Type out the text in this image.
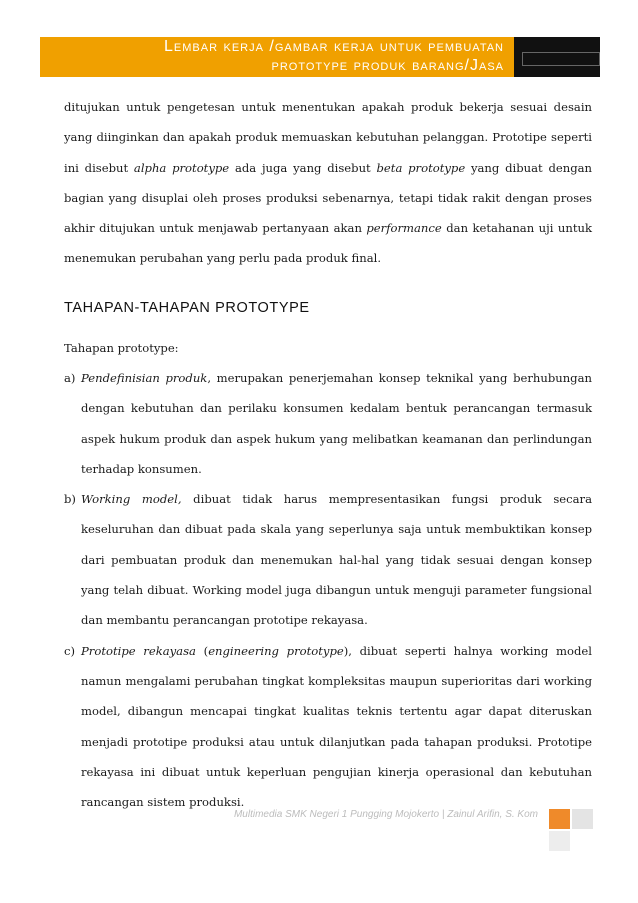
Lembar kerja /gambar kerja untuk pembuatan
prototype produk barang/Jasa

ditujukan untuk pengetesan untuk menentukan apakah produk bekerja sesuai desain yang diinginkan dan apakah produk memuaskan kebutuhan pelanggan. Prototipe seperti ini disebut alpha prototype ada juga yang disebut beta prototype yang dibuat dengan bagian yang disuplai oleh proses produksi sebenarnya, tetapi tidak rakit dengan proses akhir ditujukan untuk menjawab pertanyaan akan performance dan ketahanan uji untuk menemukan perubahan yang perlu pada produk final.

TAHAPAN-TAHAPAN PROTOTYPE
Tahapan prototype:
a) Pendefinisian produk, merupakan penerjemahan konsep teknikal yang berhubungan dengan kebutuhan dan perilaku konsumen kedalam bentuk perancangan termasuk aspek hukum produk dan aspek hukum yang melibatkan keamanan dan perlindungan terhadap konsumen.
b) Working model, dibuat tidak harus mempresentasikan fungsi produk secara keseluruhan dan dibuat pada skala yang seperlunya saja untuk membuktikan konsep dari pembuatan produk dan menemukan hal-hal yang tidak sesuai dengan konsep yang telah dibuat. Working model juga dibangun untuk menguji parameter fungsional dan membantu perancangan prototipe rekayasa.
c) Prototipe rekayasa (engineering prototype), dibuat seperti halnya working model namun mengalami perubahan tingkat kompleksitas maupun superioritas dari working model, dibangun mencapai tingkat kualitas teknis tertentu agar dapat diteruskan menjadi prototipe produksi atau untuk dilanjutkan pada tahapan produksi. Prototipe rekayasa ini dibuat untuk keperluan pengujian kinerja operasional dan kebutuhan rancangan sistem produksi.
Multimedia SMK Negeri 1 Pungging Mojokerto | Zainul Arifin, S. Kom
